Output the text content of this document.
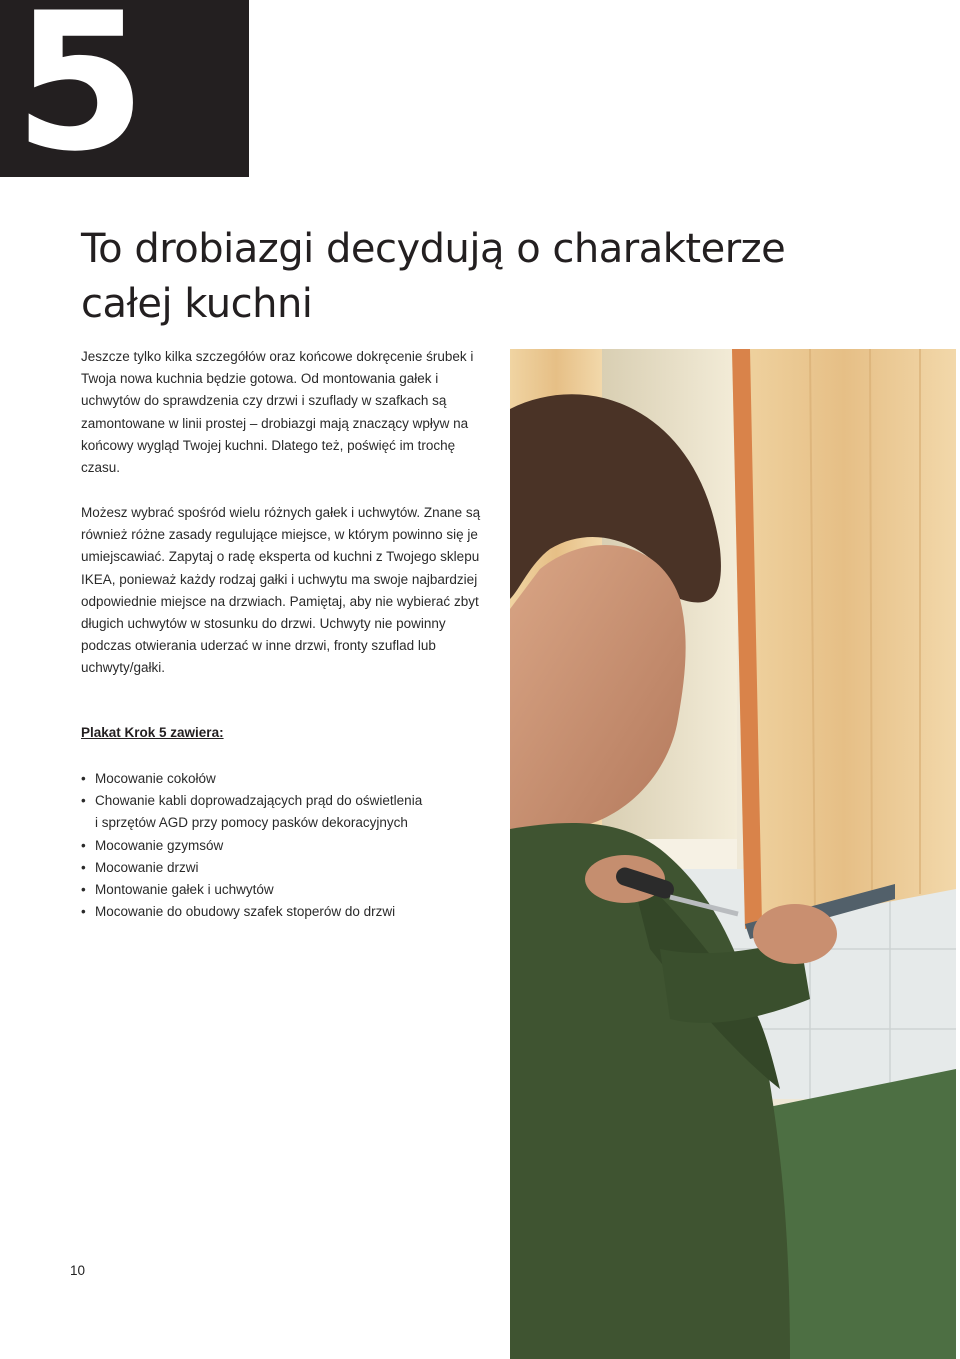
5
To drobiazgi decydują o charakterze całej kuchni

Jeszcze tylko kilka szczegółów oraz końcowe dokręcenie śrubek i Twoja nowa kuchnia będzie gotowa. Od montowania gałek i uchwytów do sprawdzenia czy drzwi i szuflady w szafkach są zamontowane w linii prostej – drobiazgi mają znaczący wpływ na końcowy wygląd Twojej kuchni. Dlatego też, poświęć im trochę czasu.

Możesz wybrać spośród wielu różnych gałek i uchwytów. Znane są również różne zasady regulujące miejsce, w którym powinno się je umiejscawiać. Zapytaj o radę eksperta od kuchni z Twojego sklepu IKEA, ponieważ każdy rodzaj gałki i uchwytu ma swoje najbardziej odpowiednie miejsce na drzwiach. Pamiętaj, aby nie wybierać zbyt długich uchwytów w stosunku do drzwi. Uchwyty nie powinny podczas otwierania uderzać w inne drzwi, fronty szuflad lub uchwyty/gałki.

Plakat Krok 5 zawiera:

• Mocowanie cokołów
• Chowanie kabli doprowadzających prąd do oświetlenia
i sprzętów AGD przy pomocy pasków dekoracyjnych
• Mocowanie gzymsów
• Mocowanie drzwi
• Montowanie gałek i uchwytów
• Mocowanie do obudowy szafek stoperów do drzwi
10
